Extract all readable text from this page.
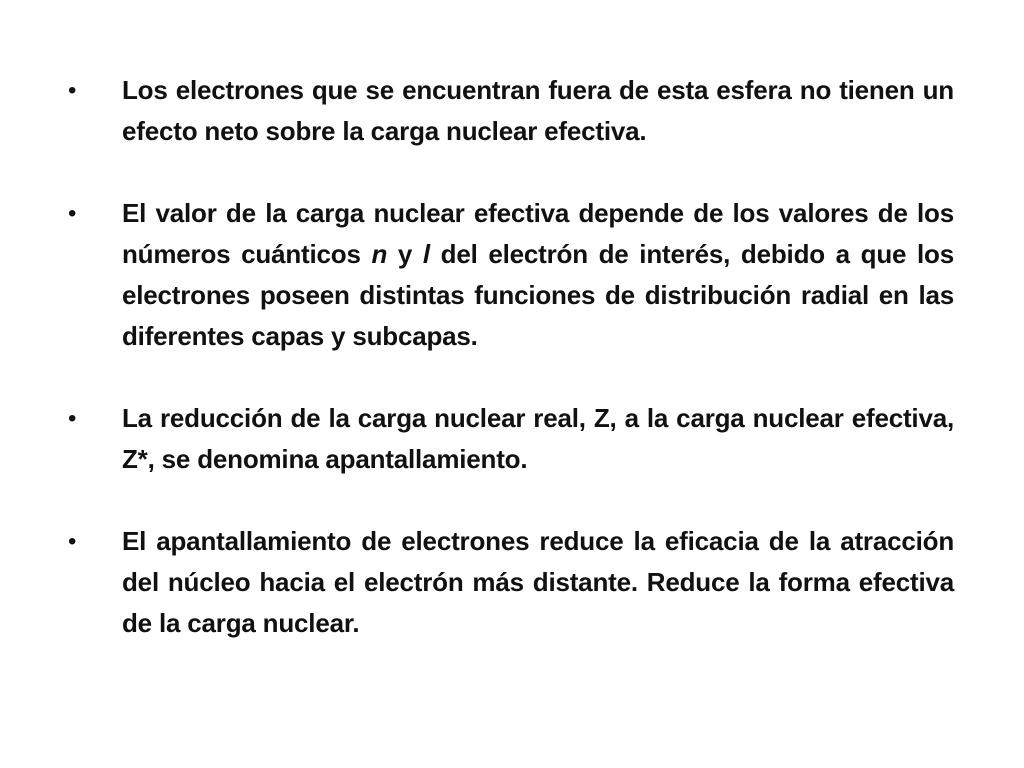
•	Los electrones que se encuentran fuera de esta esfera no tienen un efecto neto sobre la carga nuclear efectiva.
•	El valor de la carga nuclear efectiva depende de los valores de los números cuánticos n y l del electrón de interés, debido a que los electrones poseen distintas funciones de distribución radial en las diferentes capas y subcapas.
•	La reducción de la carga nuclear real, Z, a la carga nuclear efectiva, Z*, se denomina apantallamiento.
•	El apantallamiento de electrones reduce la eficacia de la atracción del núcleo hacia el electrón más distante. Reduce la forma efectiva de la carga nuclear.
